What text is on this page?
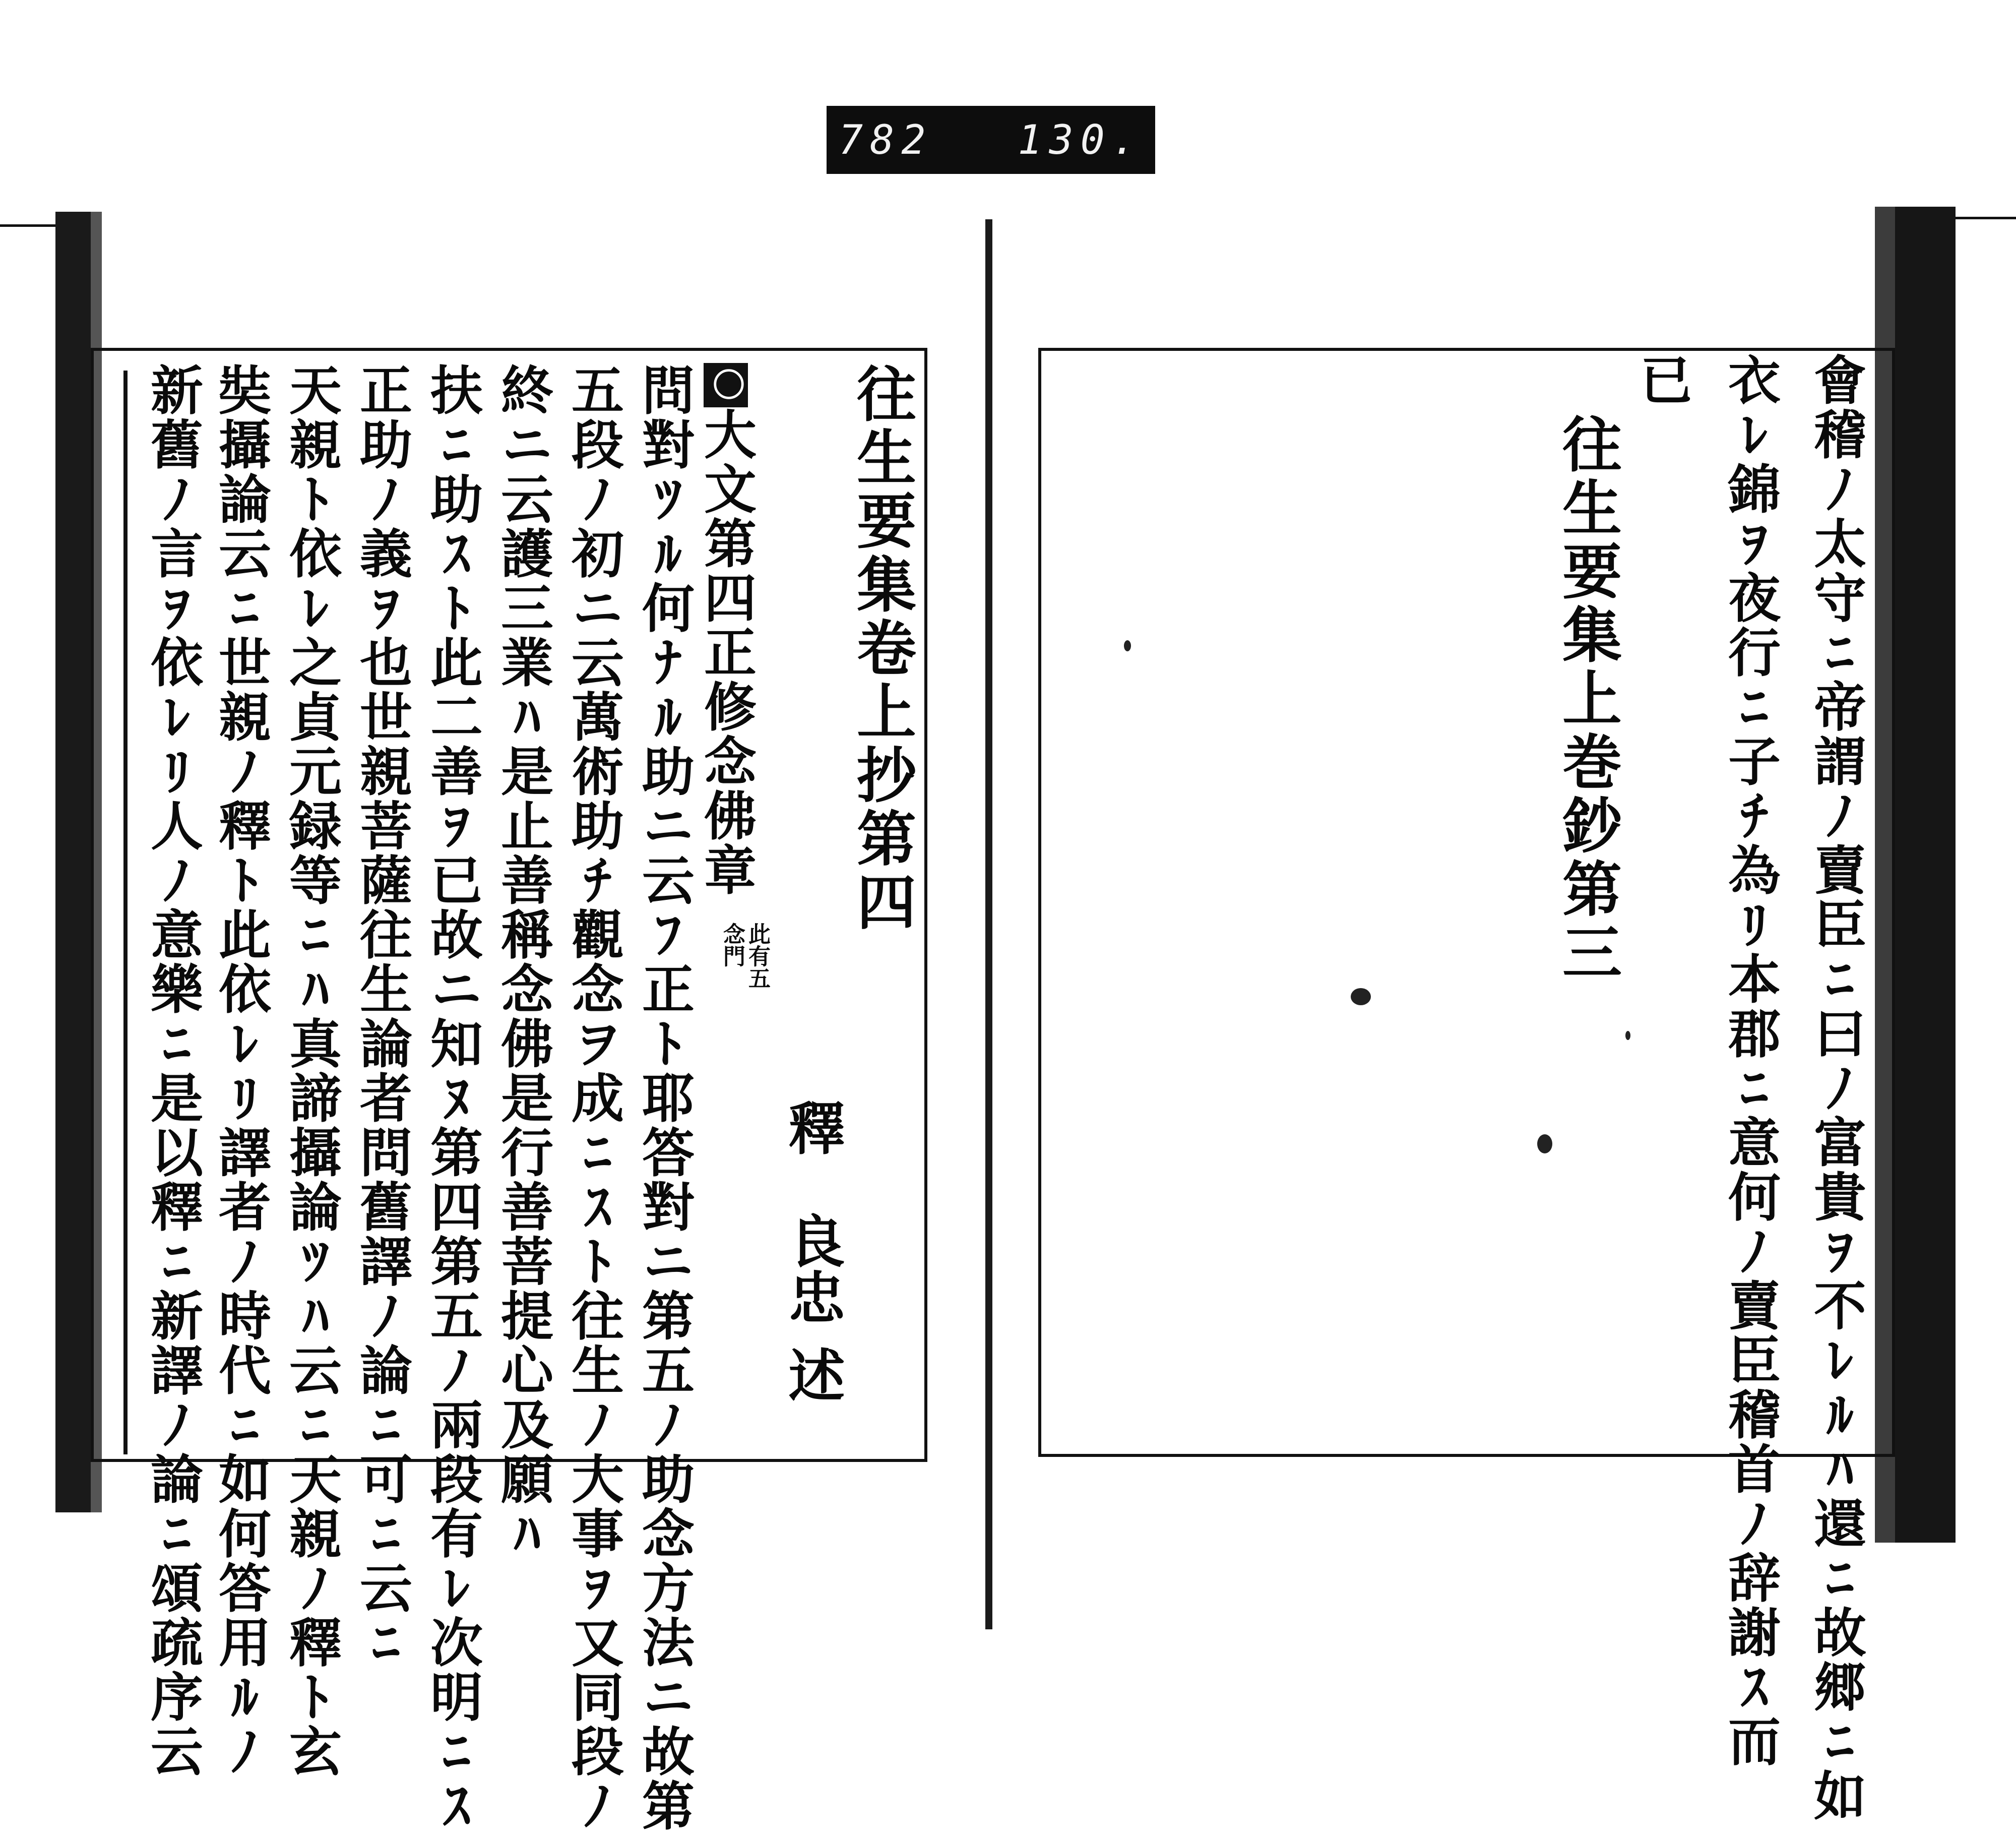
782 130.
往生要集卷上抄第四
釋　良忠
述
〇大文第四正修念佛章
此有五
念門
問對ﾂﾙ何ﾅﾙ助ニ云ﾌ正ﾄ耶答對ニ第五ﾉ助念方法ニ故第
五段ﾉ初ニ云萬術助ﾁ觀念ヲ成ﾆｽﾄ往生ﾉ大事ｦ又同段ﾉ
終ニ云護三業ﾊ是止善稱念佛是行善菩提心及願ﾊ
扶ﾆ助ｽﾄ此二善ｦ已故ニ知ﾇ第四第五ﾉ兩段有ﾚ次明ﾆｽ
正助ﾉ義ｦ也世親菩薩往生論者問舊譯ﾉ論ﾆ可ﾆ云ﾆ
天親ﾄ依ﾚ之貞元録等ﾆﾊ真諦攝論ﾂﾊ云ﾆ天親ﾉ釋ﾄ玄
奘攝論云ﾆ世親ﾉ釋ﾄ此依ﾚﾘ譯者ﾉ時代ﾆ如何答用ﾙﾉ
新舊ﾉ言ｦ依ﾚﾘ人ﾉ意樂ﾆ是以釋ﾆ新譯ﾉ論ﾆ頌疏序云	會稽ﾉ太守ﾆ帝謂ﾉ賣臣ﾆ曰ﾉ富貴ｦ不ﾚﾙﾊ還ﾆ故郷ﾆ如
衣ﾚ錦ｦ夜行ﾆ子ﾁ為ﾘ本郡ﾆ意何ﾉ賣臣稽首ﾉ辞謝ｽ而
已
往生要集上巻鈔第三
